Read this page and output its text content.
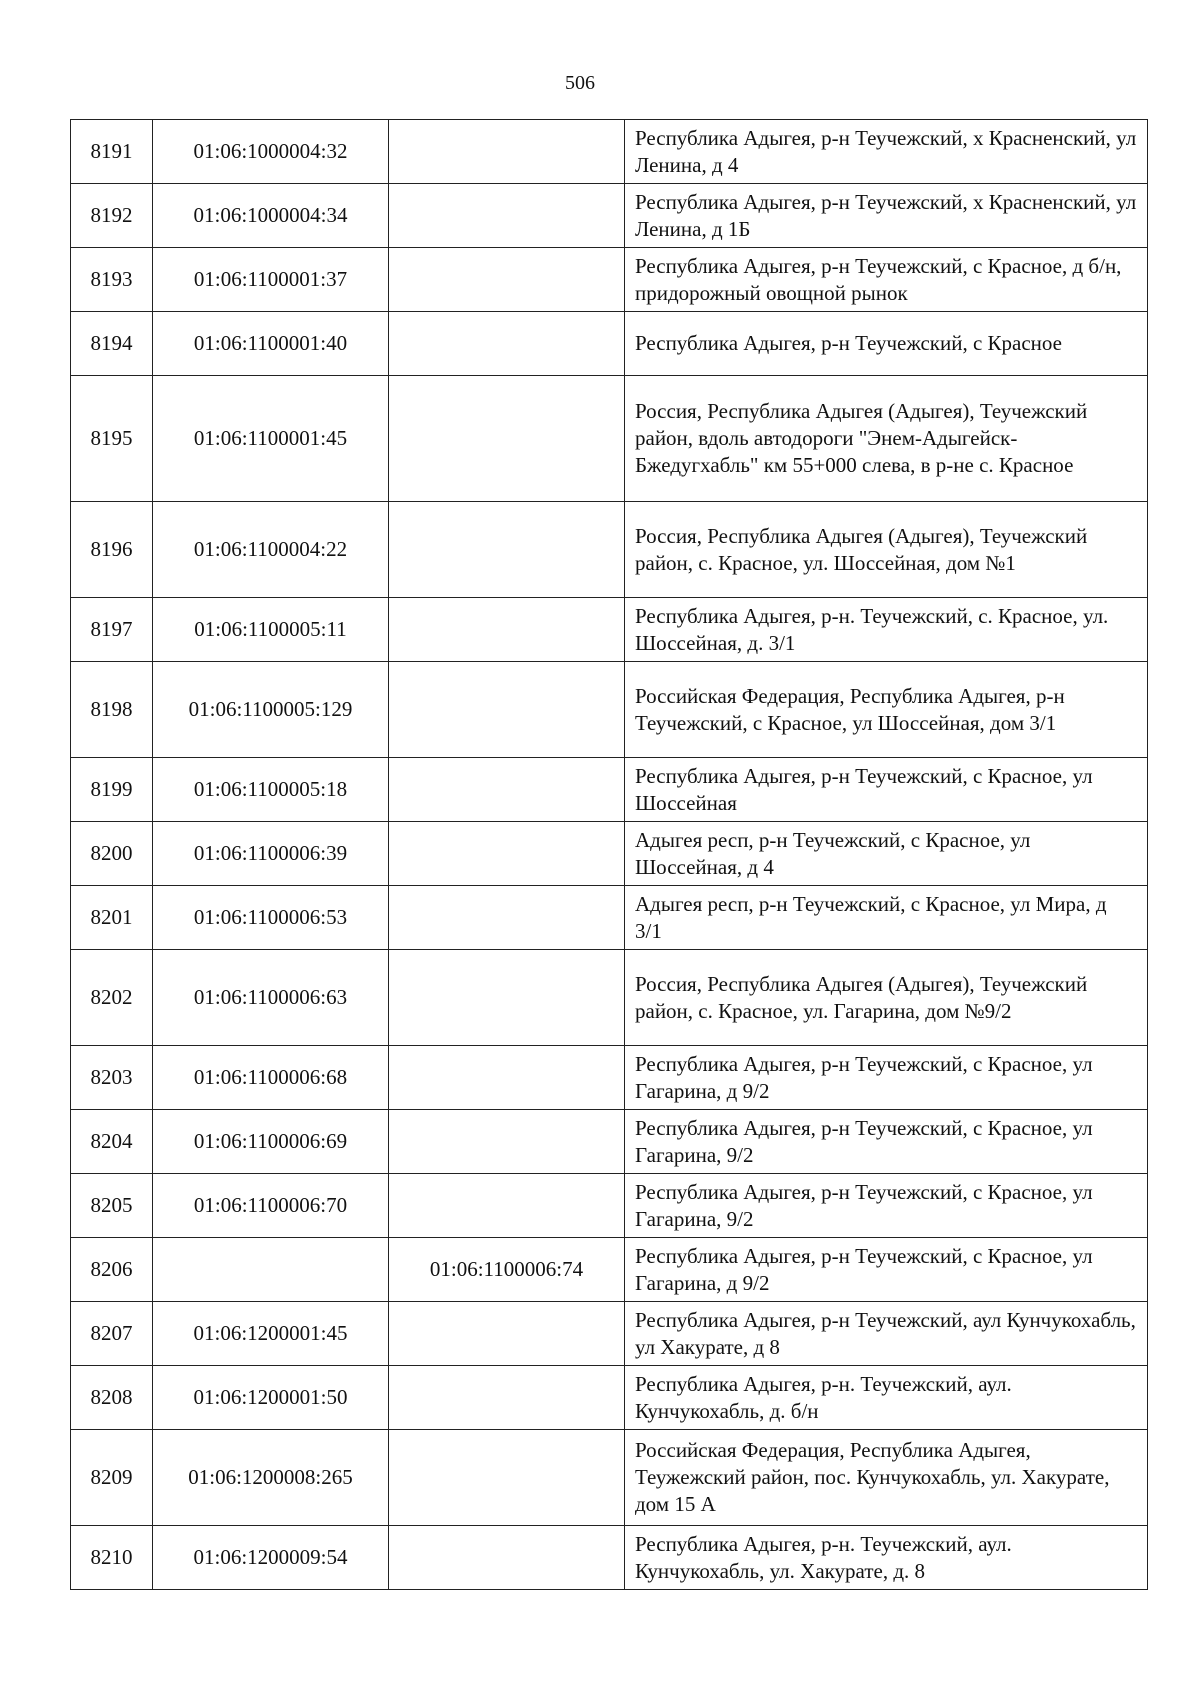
506
8191	01:06:1000004:32		Республика Адыгея, р-н Теучежский, х Красненский, ул Ленина, д 4
8192	01:06:1000004:34		Республика Адыгея, р-н Теучежский, х Красненский, ул Ленина, д 1Б
8193	01:06:1100001:37		Республика Адыгея, р-н Теучежский, с Красное, д б/н, придорожный овощной рынок
8194	01:06:1100001:40		Республика Адыгея, р-н Теучежский, с Красное
8195	01:06:1100001:45		Россия, Республика Адыгея (Адыгея), Теучежский район, вдоль автодороги "Энем-Адыгейск-Бжедугхабль" км 55+000 слева, в р-не с. Красное
8196	01:06:1100004:22		Россия, Республика Адыгея (Адыгея), Теучежский район, с. Красное, ул. Шоссейная, дом №1
8197	01:06:1100005:11		Республика Адыгея, р-н. Теучежский, с. Красное, ул. Шоссейная, д. 3/1
8198	01:06:1100005:129		Российская Федерация, Республика Адыгея, р-н Теучежский, с Красное, ул Шоссейная, дом 3/1
8199	01:06:1100005:18		Республика Адыгея, р-н Теучежский, с Красное, ул Шоссейная
8200	01:06:1100006:39		Адыгея респ, р-н Теучежский, с Красное, ул Шоссейная, д 4
8201	01:06:1100006:53		Адыгея респ, р-н Теучежский, с Красное, ул Мира, д 3/1
8202	01:06:1100006:63		Россия, Республика Адыгея (Адыгея), Теучежский район, с. Красное, ул. Гагарина, дом №9/2
8203	01:06:1100006:68		Республика Адыгея, р-н Теучежский, с Красное, ул Гагарина, д 9/2
8204	01:06:1100006:69		Республика Адыгея, р-н Теучежский, с Красное, ул Гагарина, 9/2
8205	01:06:1100006:70		Республика Адыгея, р-н Теучежский, с Красное, ул Гагарина, 9/2
8206		01:06:1100006:74	Республика Адыгея, р-н Теучежский, с Красное, ул Гагарина, д 9/2
8207	01:06:1200001:45		Республика Адыгея, р-н Теучежский, аул Кунчукохабль, ул Хакурате, д 8
8208	01:06:1200001:50		Республика Адыгея, р-н. Теучежский, аул. Кунчукохабль, д. б/н
8209	01:06:1200008:265		Российская Федерация, Республика Адыгея, Теужежский район, пос. Кунчукохабль, ул. Хакурате, дом 15 А
8210	01:06:1200009:54		Республика Адыгея, р-н. Теучежский, аул. Кунчукохабль, ул. Хакурате, д. 8
